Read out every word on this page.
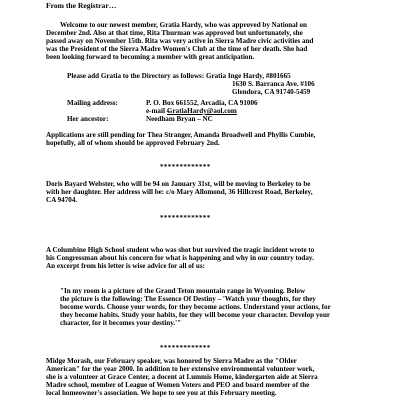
From the Registrar…
Welcome to our newest member, Gratia Hardy, who was approved by National on
December 2nd. Also at that time, Rita Thurman was approved but unfortunately, she
passed away on November 15th. Rita was very active in Sierra Madre civic activities and
was the President of the Sierra Madre Women's Club at the time of her death. She had
been looking forward to becoming a member with great anticipation.
Please add Gratia to the Directory as follows: Gratia Inge Hardy, #801665
1630 S. Barranca Ave. #106
Glendora, CA 91740-5459
Mailing address:	P. O. Box 661552, Arcadia, CA 91006
e-mail –
GratiaHardy@aol.com
Her ancestor:	Needham Bryan – NC
Applications are still pending for Thea Stranger, Amanda Broadwell and Phyllis Cumbie,
hopefully, all of whom should be approved February 2nd.
*************
Doris Bayard Webster, who will be 94 on January 31st, will be moving to Berkeley to be
with her daughter. Her address will be: c/o Mary Allomond, 36 Hillcrest Road, Berkeley,
CA 94704.
*************
A Columbine High School student who was shot but survived the tragic incident wrote to
his Congressman about his concern for what is happening and why in our country today.
An excerpt from his letter is wise advice for all of us:
"In my room is a picture of the Grand Teton mountain range in Wyoming. Below
the picture is the following: The Essence Of Destiny – 'Watch your thoughts, for they
become words. Choose your words, for they become actions. Understand your actions, for
they become habits. Study your habits, for they will become your character. Develop your
character, for it becomes your destiny.'"
*************
Midge Morash, our February speaker, was honored by Sierra Madre as the "Older
American" for the year 2000. In addition to her extensive environmental volunteer work,
she is a volunteer at Grace Center, a docent at Lummis Home, kindergarten aide at Sierra
Madre school, member of League of Women Voters and PEO and board member of the
local homeowner's association. We hope to see you at this February meeting.
